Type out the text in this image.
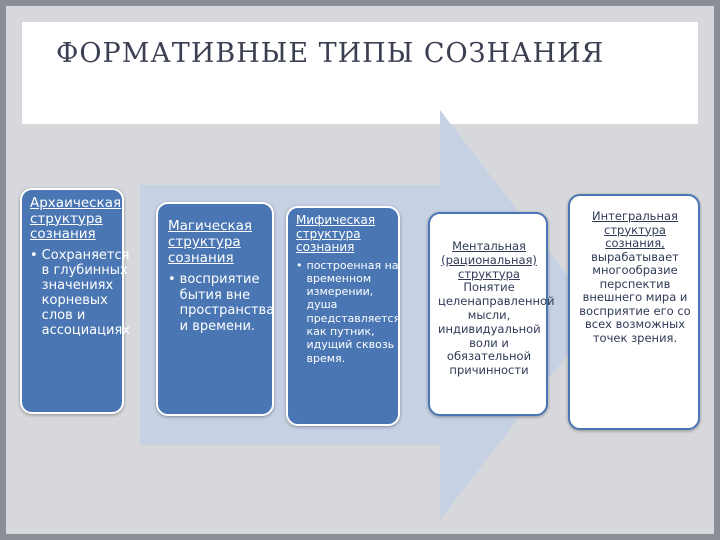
ФОРМАТИВНЫЕ ТИПЫ СОЗНАНИЯ
Архаическая структура сознания
• Сохраняется в глубинных значениях корневых слов и ассоциациях
Магическая структура сознания
• восприятие бытия вне пространства и времени.
Мифическая структура сознания
• построенная на временном измерении, душа представляется как путник, идущий сквозь время.
Ментальная (рациональная) структура
Понятие целенаправленной мысли, индивидуальной воли и обязательной причинности
Интегральная структура сознания,
вырабатывает многообразие перспектив внешнего мира и восприятие его со всех возможных точек зрения.
